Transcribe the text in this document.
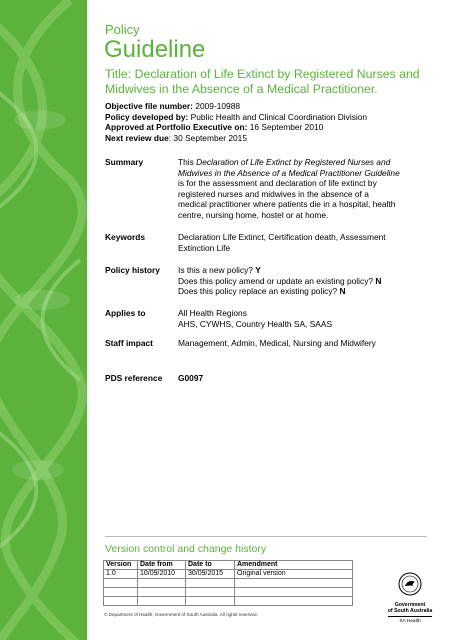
Policy
Guideline
Title: Declaration of Life Extinct by Registered Nurses and Midwives in the Absence of a Medical Practitioner.
Objective file number: 2009-10988
Policy developed by: Public Health and Clinical Coordination Division
Approved at Portfolio Executive on: 16 September 2010
Next review due: 30 September 2015
Summary	This Declaration of Life Extinct by Registered Nurses and Midwives in the Absence of a Medical Practitioner Guideline is for the assessment and declaration of life extinct by registered nurses and midwives in the absence of a medical practitioner where patients die in a hospital, health centre, nursing home, hostel or at home.
Keywords	Declaration Life Extinct, Certification death, Assessment Extinction Life
Policy history Is this a new policy? Y
Does this policy amend or update an existing policy? N
Does this policy replace an existing policy? N
Applies to	All Health Regions
AHS, CYWHS, Country Health SA, SAAS
Staff impact	Management, Admin, Medical, Nursing and Midwifery
PDS reference G0097
Version control and change history
Version	Date from	Date to	Amendment
1.0	10/09/2010	30/09/2015	Original version

© Department of Health, Government of South Australia. All rights reserved.
Government
of South Australia
SA Health
